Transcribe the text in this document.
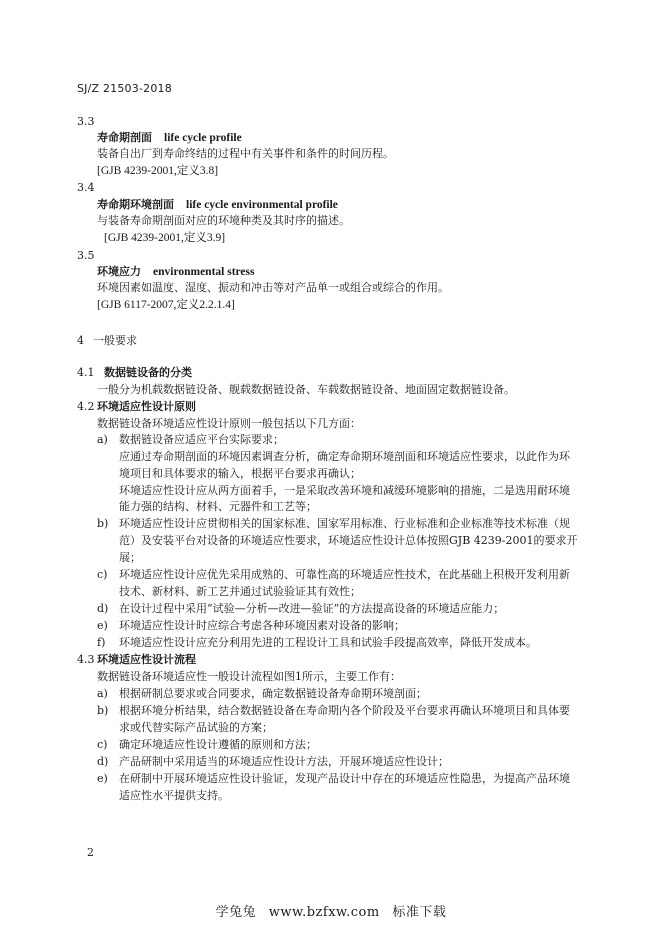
SJ/Z 21503-2018
3.3
寿命期剖面 life cycle profile
装备自出厂到寿命终结的过程中有关事件和条件的时间历程。
[GJB 4239-2001,定义3.8]
3.4
寿命期环境剖面 life cycle environmental profile
与装备寿命期剖面对应的环境种类及其时序的描述。
[GJB 4239-2001,定义3.9]
3.5
环境应力 environmental stress
环境因素如温度、湿度、振动和冲击等对产品单一或组合或综合的作用。
[GJB 6117-2007,定义2.2.1.4]
4 一般要求
4.1 数据链设备的分类
一般分为机载数据链设备、舰载数据链设备、车载数据链设备、地面固定数据链设备。
4.2 环境适应性设计原则
数据链设备环境适应性设计原则一般包括以下几方面：
a) 数据链设备应适应平台实际要求；
应通过寿命期剖面的环境因素调查分析，确定寿命期环境剖面和环境适应性要求，以此作为环
境项目和具体要求的输入，根据平台要求再确认；
环境适应性设计应从两方面着手，一是采取改善环境和减缓环境影响的措施，二是选用耐环境
能力强的结构、材料、元器件和工艺等；
b) 环境适应性设计应贯彻相关的国家标准、国家军用标准、行业标准和企业标准等技术标准（规
范）及安装平台对设备的环境适应性要求，环境适应性设计总体按照GJB 4239-2001的要求开
展；
c) 环境适应性设计应优先采用成熟的、可靠性高的环境适应性技术，在此基础上积极开发利用新
技术、新材料、新工艺并通过试验验证其有效性；
d) 在设计过程中采用“试验—分析—改进—验证”的方法提高设备的环境适应能力；
e) 环境适应性设计时应综合考虑各种环境因素对设备的影响；
f) 环境适应性设计应充分利用先进的工程设计工具和试验手段提高效率，降低开发成本。
4.3 环境适应性设计流程
数据链设备环境适应性一般设计流程如图1所示，主要工作有：
a) 根据研制总要求或合同要求，确定数据链设备寿命期环境剖面；
b) 根据环境分析结果，结合数据链设备在寿命期内各个阶段及平台要求再确认环境项目和具体要
求或代替实际产品试验的方案；
c) 确定环境适应性设计遵循的原则和方法；
d) 产品研制中采用适当的环境适应性设计方法，开展环境适应性设计；
e) 在研制中开展环境适应性设计验证，发现产品设计中存在的环境适应性隐患，为提高产品环境
适应性水平提供支持。
2
学兔兔 www.bzfxw.com 标准下载
